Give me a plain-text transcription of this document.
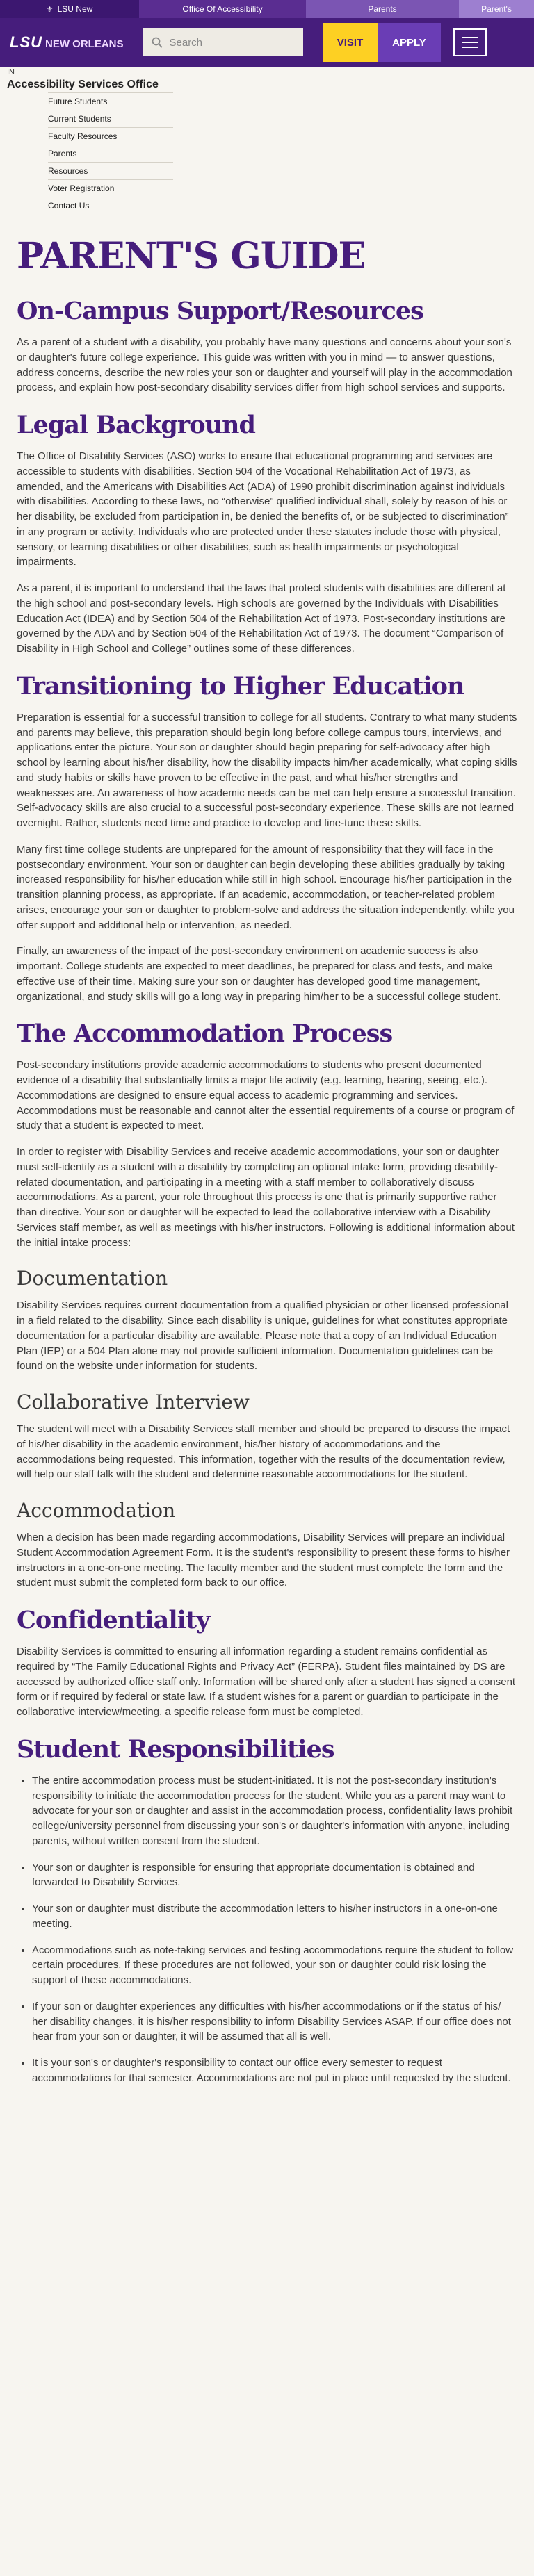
⚜ LSU New	Office Of Accessibility	Parents	Parent's
LSU NEW ORLEANS	Search	VISIT	APPLY
IN
Accessibility Services Office
Future Students
Current Students
Faculty Resources
Parents
Resources
Voter Registration
Contact Us
PARENT'S GUIDE
On-Campus Support/Resources

As a parent of a student with a disability, you probably have many questions and concerns about your son's or daughter's future college experience. This guide was written with you in mind — to answer questions, address concerns, describe the new roles your son or daughter and yourself will play in the accommodation process, and explain how post-secondary disability services differ from high school services and supports.

Legal Background

The Office of Disability Services (ASO) works to ensure that educational programming and services are accessible to students with disabilities. Section 504 of the Vocational Rehabilitation Act of 1973, as amended, and the Americans with Disabilities Act (ADA) of 1990 prohibit discrimination against individuals with disabilities. According to these laws, no “otherwise” qualified individual shall, solely by reason of his or her disability, be excluded from participation in, be denied the benefits of, or be subjected to discrimination” in any program or activity. Individuals who are protected under these statutes include those with physical, sensory, or learning disabilities or other disabilities, such as health impairments or psychological impairments.

As a parent, it is important to understand that the laws that protect students with disabilities are different at the high school and post-secondary levels. High schools are governed by the Individuals with Disabilities Education Act (IDEA) and by Section 504 of the Rehabilitation Act of 1973. Post-secondary institutions are governed by the ADA and by Section 504 of the Rehabilitation Act of 1973. The document “Comparison of Disability in High School and College” outlines some of these differences.

Transitioning to Higher Education

Preparation is essential for a successful transition to college for all students. Contrary to what many students and parents may believe, this preparation should begin long before college campus tours, interviews, and applications enter the picture. Your son or daughter should begin preparing for self-advocacy after high school by learning about his/her disability, how the disability impacts him/her academically, what coping skills and study habits or skills have proven to be effective in the past, and what his/her strengths and weaknesses are. An awareness of how academic needs can be met can help ensure a successful transition. Self-advocacy skills are also crucial to a successful post-secondary experience. These skills are not learned overnight. Rather, students need time and practice to develop and fine-tune these skills.

Many first time college students are unprepared for the amount of responsibility that they will face in the postsecondary environment. Your son or daughter can begin developing these abilities gradually by taking increased responsibility for his/her education while still in high school. Encourage his/her participation in the transition planning process, as appropriate. If an academic, accommodation, or teacher-related problem arises, encourage your son or daughter to problem-solve and address the situation independently, while you offer support and additional help or intervention, as needed.

Finally, an awareness of the impact of the post-secondary environment on academic success is also important. College students are expected to meet deadlines, be prepared for class and tests, and make effective use of their time. Making sure your son or daughter has developed good time management, organizational, and study skills will go a long way in preparing him/her to be a successful college student.

The Accommodation Process

Post-secondary institutions provide academic accommodations to students who present documented evidence of a disability that substantially limits a major life activity (e.g. learning, hearing, seeing, etc.). Accommodations are designed to ensure equal access to academic programming and services. Accommodations must be reasonable and cannot alter the essential requirements of a course or program of study that a student is expected to meet.

In order to register with Disability Services and receive academic accommodations, your son or daughter must self-identify as a student with a disability by completing an optional intake form, providing disability-related documentation, and participating in a meeting with a staff member to collaboratively discuss accommodations. As a parent, your role throughout this process is one that is primarily supportive rather than directive. Your son or daughter will be expected to lead the collaborative interview with a Disability Services staff member, as well as meetings with his/her instructors. Following is additional information about the initial intake process:

Documentation

Disability Services requires current documentation from a qualified physician or other licensed professional in a field related to the disability. Since each disability is unique, guidelines for what constitutes appropriate documentation for a particular disability are available. Please note that a copy of an Individual Education Plan (IEP) or a 504 Plan alone may not provide sufficient information. Documentation guidelines can be found on the website under information for students.

Collaborative Interview

The student will meet with a Disability Services staff member and should be prepared to discuss the impact of his/her disability in the academic environment, his/her history of accommodations and the accommodations being requested. This information, together with the results of the documentation review, will help our staff talk with the student and determine reasonable accommodations for the student.

Accommodation

When a decision has been made regarding accommodations, Disability Services will prepare an individual Student Accommodation Agreement Form. It is the student's responsibility to present these forms to his/her instructors in a one-on-one meeting. The faculty member and the student must complete the form and the student must submit the completed form back to our office.

Confidentiality

Disability Services is committed to ensuring all information regarding a student remains confidential as required by “The Family Educational Rights and Privacy Act” (FERPA). Student files maintained by DS are accessed by authorized office staff only. Information will be shared only after a student has signed a consent form or if required by federal or state law. If a student wishes for a parent or guardian to participate in the collaborative interview/meeting, a specific release form must be completed.

Student Responsibilities
• The entire accommodation process must be student-initiated. It is not the post-secondary institution's responsibility to initiate the accommodation process for the student. While you as a parent may want to advocate for your son or daughter and assist in the accommodation process, confidentiality laws prohibit college/university personnel from discussing your son's or daughter's information with anyone, including parents, without written consent from the student.
• Your son or daughter is responsible for ensuring that appropriate documentation is obtained and forwarded to Disability Services.
• Your son or daughter must distribute the accommodation letters to his/her instructors in a one-on-one meeting.
• Accommodations such as note-taking services and testing accommodations require the student to follow certain procedures. If these procedures are not followed, your son or daughter could risk losing the support of these accommodations.
• If your son or daughter experiences any difficulties with his/her accommodations or if the status of his/ her disability changes, it is his/her responsibility to inform Disability Services ASAP. If our office does not hear from your son or daughter, it will be assumed that all is well.
• It is your son's or daughter's responsibility to contact our office every semester to request accommodations for that semester. Accommodations are not put in place until requested by the student.
